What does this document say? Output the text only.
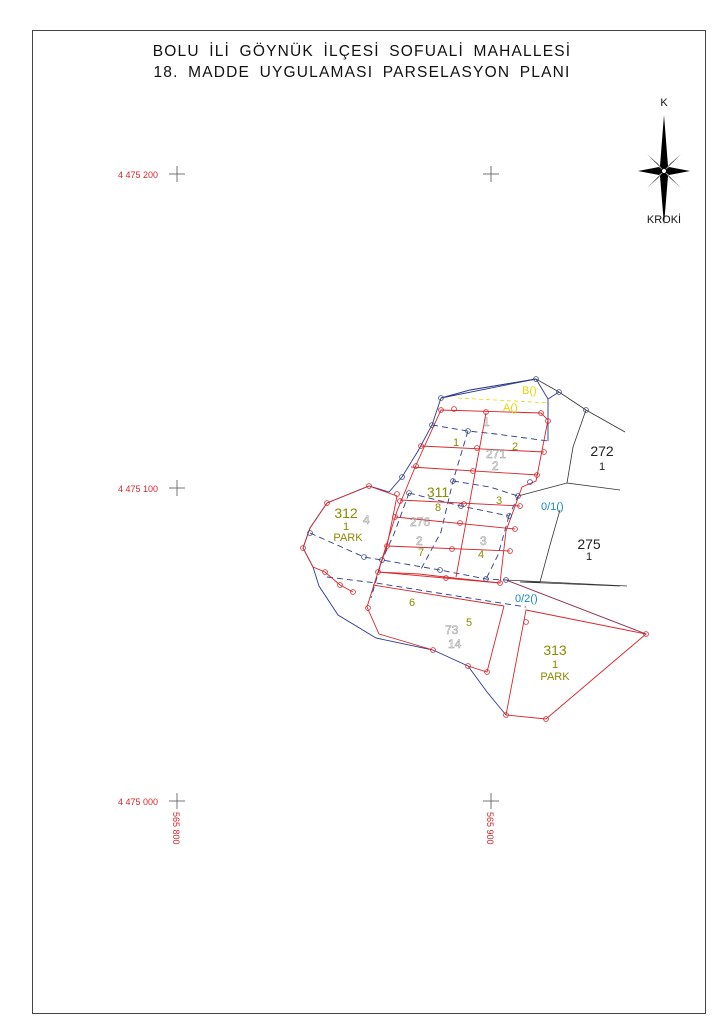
BOLU İLİ GÖYNÜK İLÇESİ SOFUALİ MAHALLESİ
18. MADDE UYGULAMASI PARSELASYON PLANI
K
KROKİ
4 475 200
4 475 100
4 475 000
565 800	565 900
1
271
2
276
2	3
73
14
4
1	2
3
4
5
6
7
272
1
275
1
311
8
312
1
PARK
313
1
PARK
B()
A()
0/1()
0/2()
